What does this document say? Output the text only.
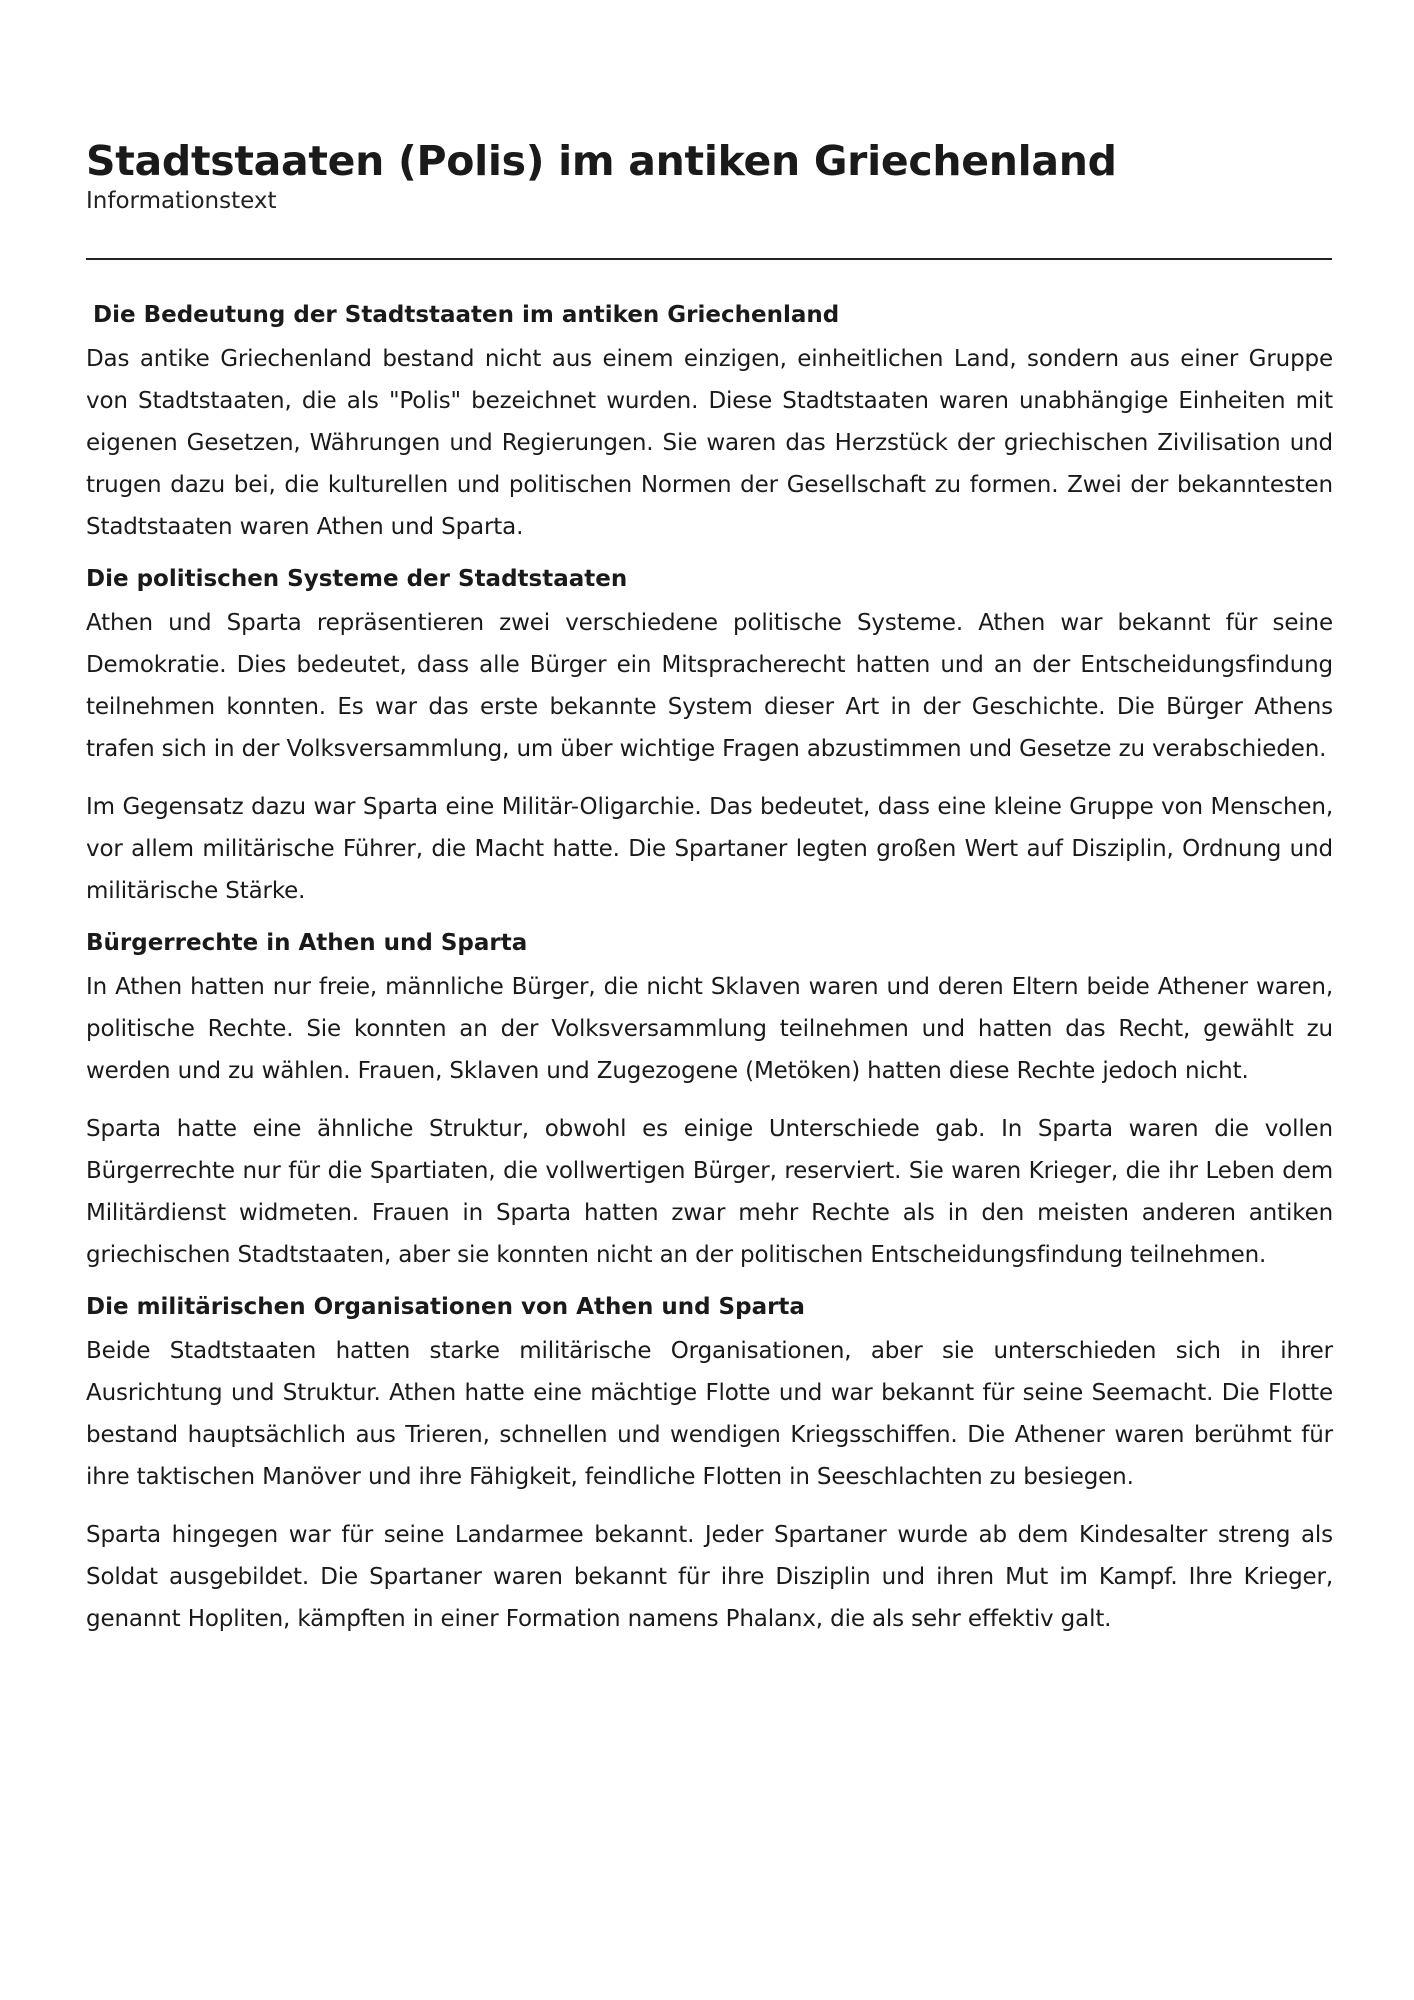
Stadtstaaten (Polis) im antiken Griechenland

Informationstext

Die Bedeutung der Stadtstaaten im antiken Griechenland

Das antike Griechenland bestand nicht aus einem einzigen, einheitlichen Land, sondern aus einer Gruppe von Stadtstaaten, die als "Polis" bezeichnet wurden. Diese Stadtstaaten waren unabhängige Einheiten mit eigenen Gesetzen, Währungen und Regierungen. Sie waren das Herzstück der griechischen Zivilisation und trugen dazu bei, die kulturellen und politischen Normen der Gesellschaft zu formen. Zwei der bekanntesten Stadtstaaten waren Athen und Sparta.

Die politischen Systeme der Stadtstaaten

Athen und Sparta repräsentieren zwei verschiedene politische Systeme. Athen war bekannt für seine Demokratie. Dies bedeutet, dass alle Bürger ein Mitspracherecht hatten und an der Entscheidungsfindung teilnehmen konnten. Es war das erste bekannte System dieser Art in der Geschichte. Die Bürger Athens trafen sich in der Volksversammlung, um über wichtige Fragen abzustimmen und Gesetze zu verabschieden.

Im Gegensatz dazu war Sparta eine Militär-Oligarchie. Das bedeutet, dass eine kleine Gruppe von Menschen, vor allem militärische Führer, die Macht hatte. Die Spartaner legten großen Wert auf Disziplin, Ordnung und militärische Stärke.

Bürgerrechte in Athen und Sparta

In Athen hatten nur freie, männliche Bürger, die nicht Sklaven waren und deren Eltern beide Athener waren, politische Rechte. Sie konnten an der Volksversammlung teilnehmen und hatten das Recht, gewählt zu werden und zu wählen. Frauen, Sklaven und Zugezogene (Metöken) hatten diese Rechte jedoch nicht.

Sparta hatte eine ähnliche Struktur, obwohl es einige Unterschiede gab. In Sparta waren die vollen Bürgerrechte nur für die Spartiaten, die vollwertigen Bürger, reserviert. Sie waren Krieger, die ihr Leben dem Militärdienst widmeten. Frauen in Sparta hatten zwar mehr Rechte als in den meisten anderen antiken griechischen Stadtstaaten, aber sie konnten nicht an der politischen Entscheidungsfindung teilnehmen.

Die militärischen Organisationen von Athen und Sparta

Beide Stadtstaaten hatten starke militärische Organisationen, aber sie unterschieden sich in ihrer Ausrichtung und Struktur. Athen hatte eine mächtige Flotte und war bekannt für seine Seemacht. Die Flotte bestand hauptsächlich aus Trieren, schnellen und wendigen Kriegsschiffen. Die Athener waren berühmt für ihre taktischen Manöver und ihre Fähigkeit, feindliche Flotten in Seeschlachten zu besiegen.

Sparta hingegen war für seine Landarmee bekannt. Jeder Spartaner wurde ab dem Kindesalter streng als Soldat ausgebildet. Die Spartaner waren bekannt für ihre Disziplin und ihren Mut im Kampf. Ihre Krieger, genannt Hopliten, kämpften in einer Formation namens Phalanx, die als sehr effektiv galt.
